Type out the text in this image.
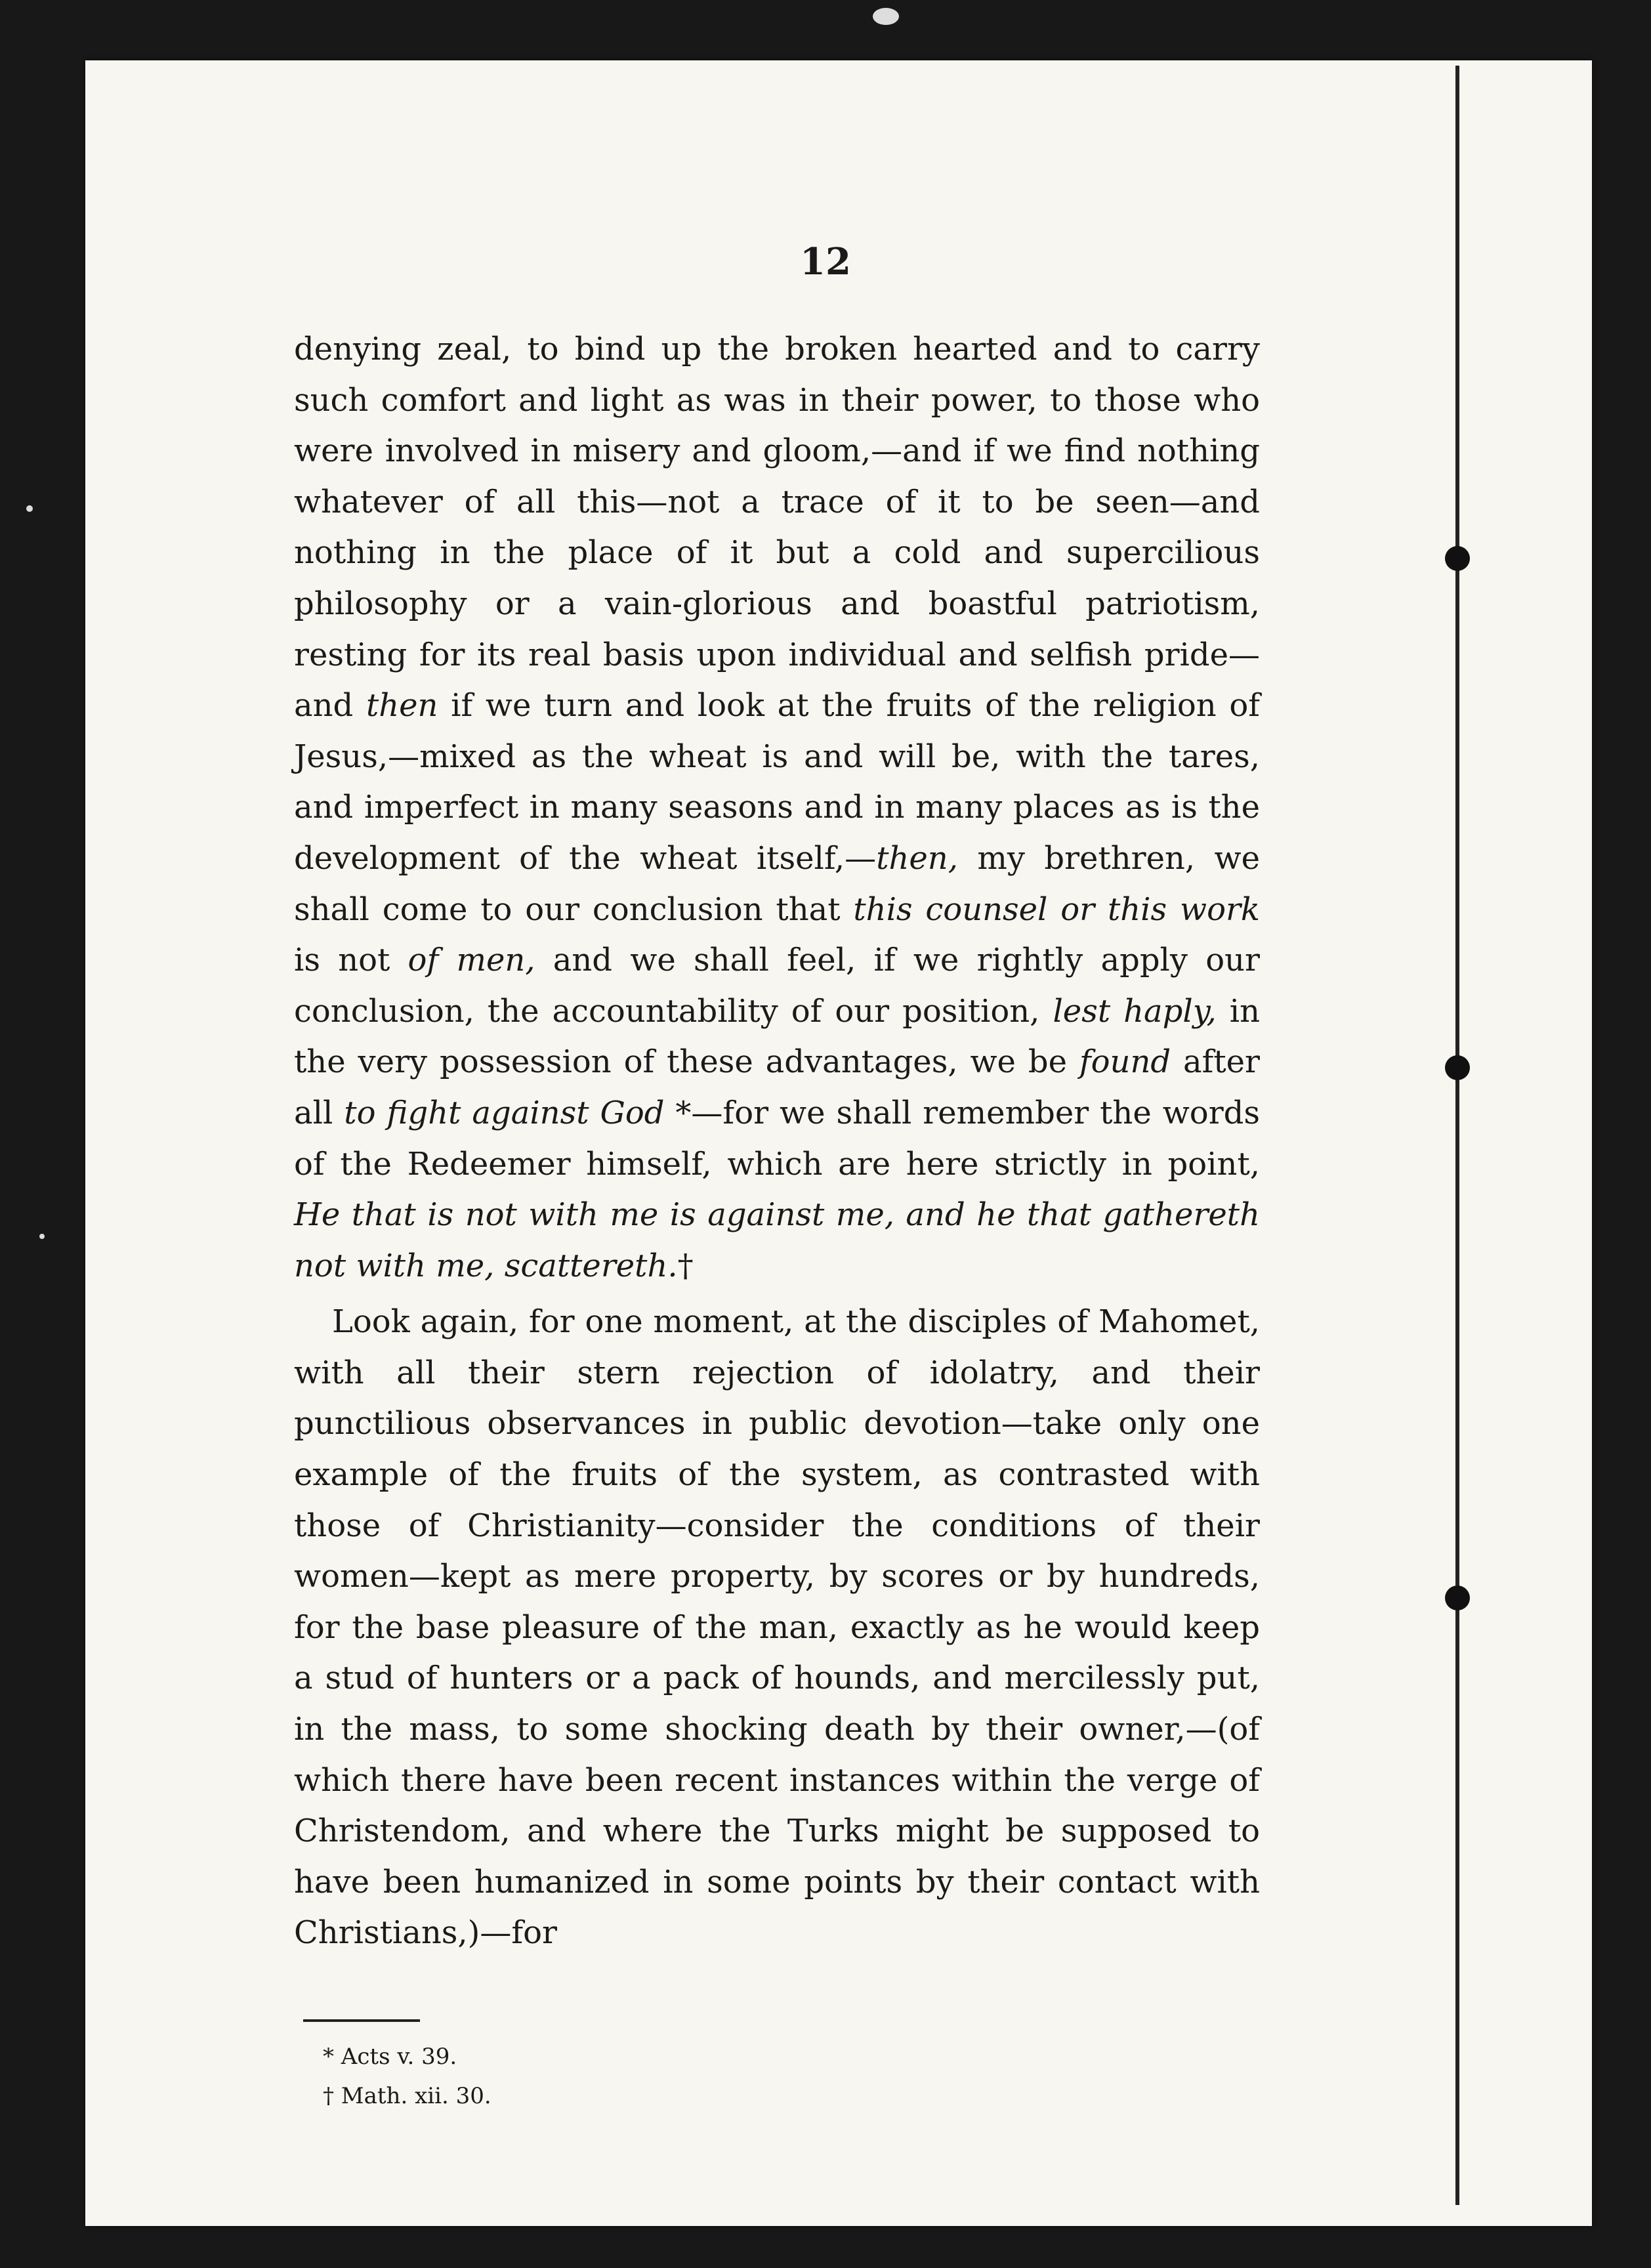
12

denying zeal, to bind up the broken hearted and to carry such comfort and light as was in their power, to those who were involved in misery and gloom,—and if we find nothing whatever of all this—not a trace of it to be seen—and nothing in the place of it but a cold and supercilious philosophy or a vain-glorious and boastful patriotism, resting for its real basis upon individual and selfish pride—and then if we turn and look at the fruits of the religion of Jesus,—mixed as the wheat is and will be, with the tares, and imperfect in many seasons and in many places as is the development of the wheat itself,—then, my brethren, we shall come to our conclusion that this counsel or this work is not of men, and we shall feel, if we rightly apply our conclusion, the accountability of our position, lest haply, in the very possession of these advantages, we be found after all to fight against God *—for we shall remember the words of the Redeemer himself, which are here strictly in point, He that is not with me is against me, and he that gathereth not with me, scattereth.†

Look again, for one moment, at the disciples of Mahomet, with all their stern rejection of idolatry, and their punctilious observances in public devotion—take only one example of the fruits of the system, as contrasted with those of Christianity—consider the conditions of their women—kept as mere property, by scores or by hundreds, for the base pleasure of the man, exactly as he would keep a stud of hunters or a pack of hounds, and mercilessly put, in the mass, to some shocking death by their owner,—(of which there have been recent instances within the verge of Christendom, and where the Turks might be supposed to have been humanized in some points by their contact with Christians,)—for

* Acts v. 39.
† Math. xii. 30.
